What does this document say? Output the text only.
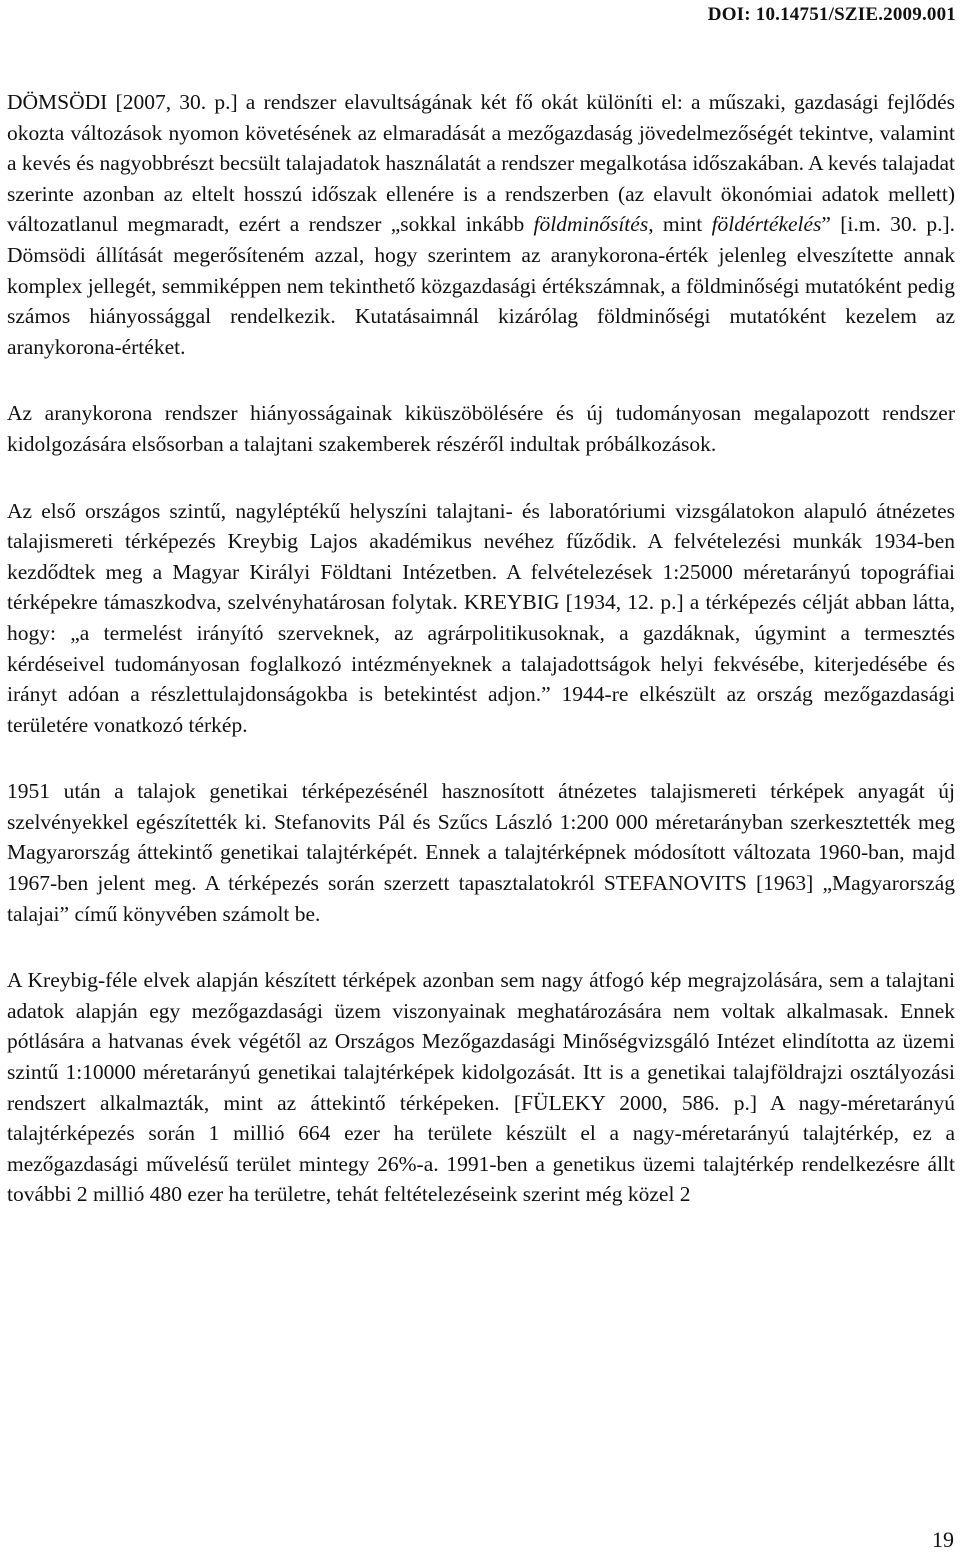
DOI: 10.14751/SZIE.2009.001

DÖMSÖDI [2007, 30. p.] a rendszer elavultságának két fő okát különíti el: a műszaki, gazdasági fejlődés okozta változások nyomon követésének az elmaradását a mezőgazdaság jövedelmezőségét tekintve, valamint a kevés és nagyobbrészt becsült talajadatok használatát a rendszer megalkotása időszakában. A kevés talajadat szerinte azonban az eltelt hosszú időszak ellenére is a rendszerben (az elavult ökonómiai adatok mellett) változatlanul megmaradt, ezért a rendszer „sokkal inkább földminősítés, mint földértékelés” [i.m. 30. p.]. Dömsödi állítását megerősíteném azzal, hogy szerintem az aranykorona-érték jelenleg elveszítette annak komplex jellegét, semmiképpen nem tekinthető közgazdasági értékszámnak, a földminőségi mutatóként pedig számos hiányossággal rendelkezik. Kutatásaimnál kizárólag földminőségi mutatóként kezelem az aranykorona-értéket.

Az aranykorona rendszer hiányosságainak kiküszöbölésére és új tudományosan megalapozott rendszer kidolgozására elsősorban a talajtani szakemberek részéről indultak próbálkozások.

Az első országos szintű, nagyléptékű helyszíni talajtani- és laboratóriumi vizsgálatokon alapuló átnézetes talajismereti térképezés Kreybig Lajos akadémikus nevéhez fűződik. A felvételezési munkák 1934-ben kezdődtek meg a Magyar Királyi Földtani Intézetben. A felvételezések 1:25000 méretarányú topográfiai térképekre támaszkodva, szelvényhatárosan folytak. KREYBIG [1934, 12. p.] a térképezés célját abban látta, hogy: „a termelést irányító szerveknek, az agrárpolitikusoknak, a gazdáknak, úgymint a termesztés kérdéseivel tudományosan foglalkozó intézményeknek a talajadottságok helyi fekvésébe, kiterjedésébe és irányt adóan a részlettulajdonságokba is betekintést adjon.” 1944-re elkészült az ország mezőgazdasági területére vonatkozó térkép.

1951 után a talajok genetikai térképezésénél hasznosított átnézetes talajismereti térképek anyagát új szelvényekkel egészítették ki. Stefanovits Pál és Szűcs László 1:200 000 méretarányban szerkesztették meg Magyarország áttekintő genetikai talajtérképét. Ennek a talajtérképnek módosított változata 1960-ban, majd 1967-ben jelent meg. A térképezés során szerzett tapasztalatokról STEFANOVITS [1963] „Magyarország talajai” című könyvében számolt be.

A Kreybig-féle elvek alapján készített térképek azonban sem nagy átfogó kép megrajzolására, sem a talajtani adatok alapján egy mezőgazdasági üzem viszonyainak meghatározására nem voltak alkalmasak. Ennek pótlására a hatvanas évek végétől az Országos Mezőgazdasági Minőségvizsgáló Intézet elindította az üzemi szintű 1:10000 méretarányú genetikai talajtérképek kidolgozását. Itt is a genetikai talajföldrajzi osztályozási rendszert alkalmazták, mint az áttekintő térképeken. [FÜLEKY 2000, 586. p.] A nagy-méretarányú talajtérképezés során 1 millió 664 ezer ha területe készült el a nagy-méretarányú talajtérkép, ez a mezőgazdasági művelésű terület mintegy 26%-a. 1991-ben a genetikus üzemi talajtérkép rendelkezésre állt további 2 millió 480 ezer ha területre, tehát feltételezéseink szerint még közel 2

19
